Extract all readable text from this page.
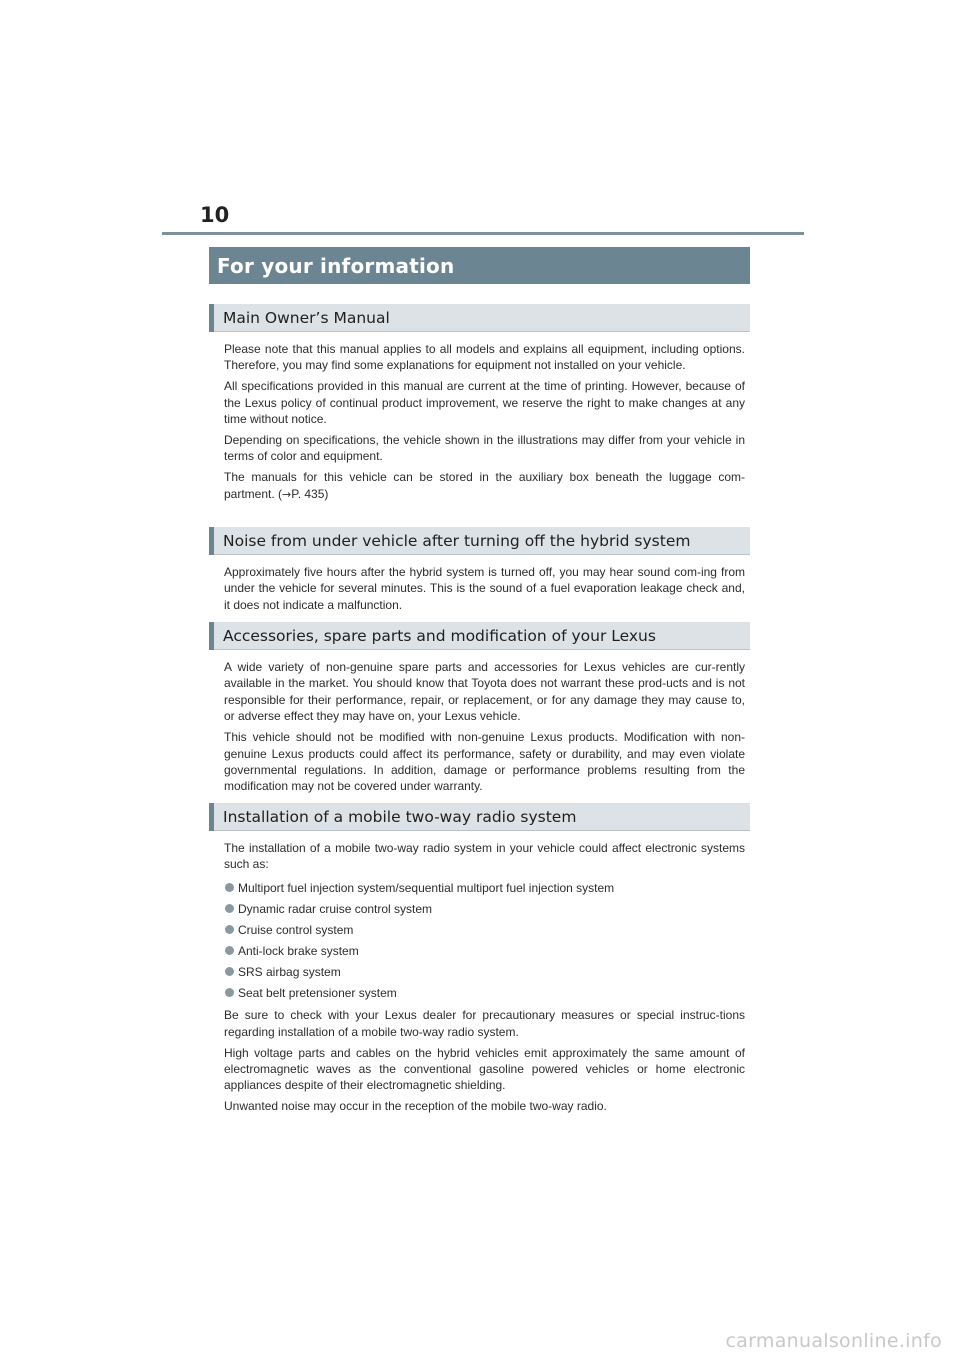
10
For your information
Main Owner’s Manual

Please note that this manual applies to all models and explains all equipment, including options. Therefore, you may find some explanations for equipment not installed on your vehicle.

All specifications provided in this manual are current at the time of printing. However, because of the Lexus policy of continual product improvement, we reserve the right to make changes at any time without notice.

Depending on specifications, the vehicle shown in the illustrations may differ from your vehicle in terms of color and equipment.

The manuals for this vehicle can be stored in the auxiliary box beneath the luggage com-partment. (→P. 435)

Noise from under vehicle after turning off the hybrid system

Approximately five hours after the hybrid system is turned off, you may hear sound com-ing from under the vehicle for several minutes. This is the sound of a fuel evaporation leakage check and, it does not indicate a malfunction.

Accessories, spare parts and modification of your Lexus

A wide variety of non-genuine spare parts and accessories for Lexus vehicles are cur-rently available in the market. You should know that Toyota does not warrant these prod-ucts and is not responsible for their performance, repair, or replacement, or for any damage they may cause to, or adverse effect they may have on, your Lexus vehicle.

This vehicle should not be modified with non-genuine Lexus products. Modification with non-genuine Lexus products could affect its performance, safety or durability, and may even violate governmental regulations. In addition, damage or performance problems resulting from the modification may not be covered under warranty.

Installation of a mobile two-way radio system

The installation of a mobile two-way radio system in your vehicle could affect electronic systems such as:

Multiport fuel injection system/sequential multiport fuel injection system
Dynamic radar cruise control system
Cruise control system
Anti-lock brake system
SRS airbag system
Seat belt pretensioner system

Be sure to check with your Lexus dealer for precautionary measures or special instruc-tions regarding installation of a mobile two-way radio system.

High voltage parts and cables on the hybrid vehicles emit approximately the same amount of electromagnetic waves as the conventional gasoline powered vehicles or home electronic appliances despite of their electromagnetic shielding.

Unwanted noise may occur in the reception of the mobile two-way radio.

carmanualsonline.info
